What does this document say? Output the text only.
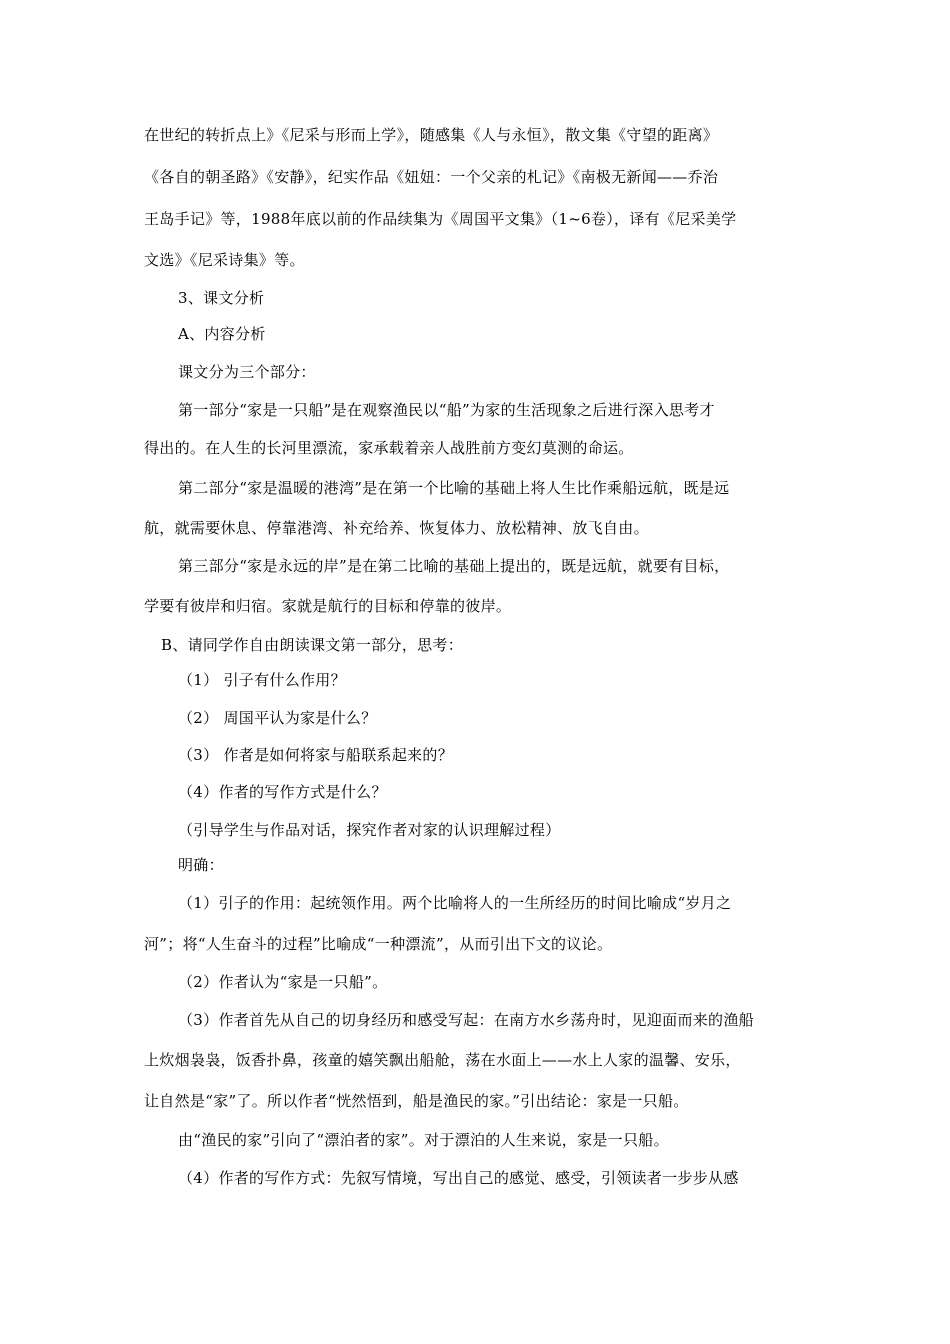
在世纪的转折点上》《尼采与形而上学》，随感集《人与永恒》，散文集《守望的距离》
《各自的朝圣路》《安静》，纪实作品《妞妞：一个父亲的札记》《南极无新闻——乔治
王岛手记》等，1988年底以前的作品续集为《周国平文集》（1~6卷），译有《尼采美学
文选》《尼采诗集》等。
3、课文分析
A、内容分析
课文分为三个部分：
第一部分“家是一只船”是在观察渔民以“船”为家的生活现象之后进行深入思考才
得出的。在人生的长河里漂流，家承载着亲人战胜前方变幻莫测的命运。
第二部分“家是温暖的港湾”是在第一个比喻的基础上将人生比作乘船远航，既是远
航，就需要休息、停靠港湾、补充给养、恢复体力、放松精神、放飞自由。
第三部分“家是永远的岸”是在第二比喻的基础上提出的，既是远航，就要有目标，
学要有彼岸和归宿。家就是航行的目标和停靠的彼岸。
B、请同学作自由朗读课文第一部分，思考：
（1） 引子有什么作用？
（2） 周国平认为家是什么？
（3） 作者是如何将家与船联系起来的？
（4）作者的写作方式是什么？
（引导学生与作品对话，探究作者对家的认识理解过程）
明确：
（1）引子的作用：起统领作用。两个比喻将人的一生所经历的时间比喻成“岁月之
河”；将“人生奋斗的过程”比喻成“一种漂流”，从而引出下文的议论。
（2）作者认为“家是一只船”。
（3）作者首先从自己的切身经历和感受写起：在南方水乡荡舟时，见迎面而来的渔船
上炊烟袅袅，饭香扑鼻，孩童的嬉笑飘出船舱，荡在水面上——水上人家的温馨、安乐，
让自然是“家”了。所以作者“恍然悟到，船是渔民的家。”引出结论：家是一只船。
由“渔民的家”引向了“漂泊者的家”。对于漂泊的人生来说，家是一只船。
（4）作者的写作方式：先叙写情境，写出自己的感觉、感受，引领读者一步步从感
